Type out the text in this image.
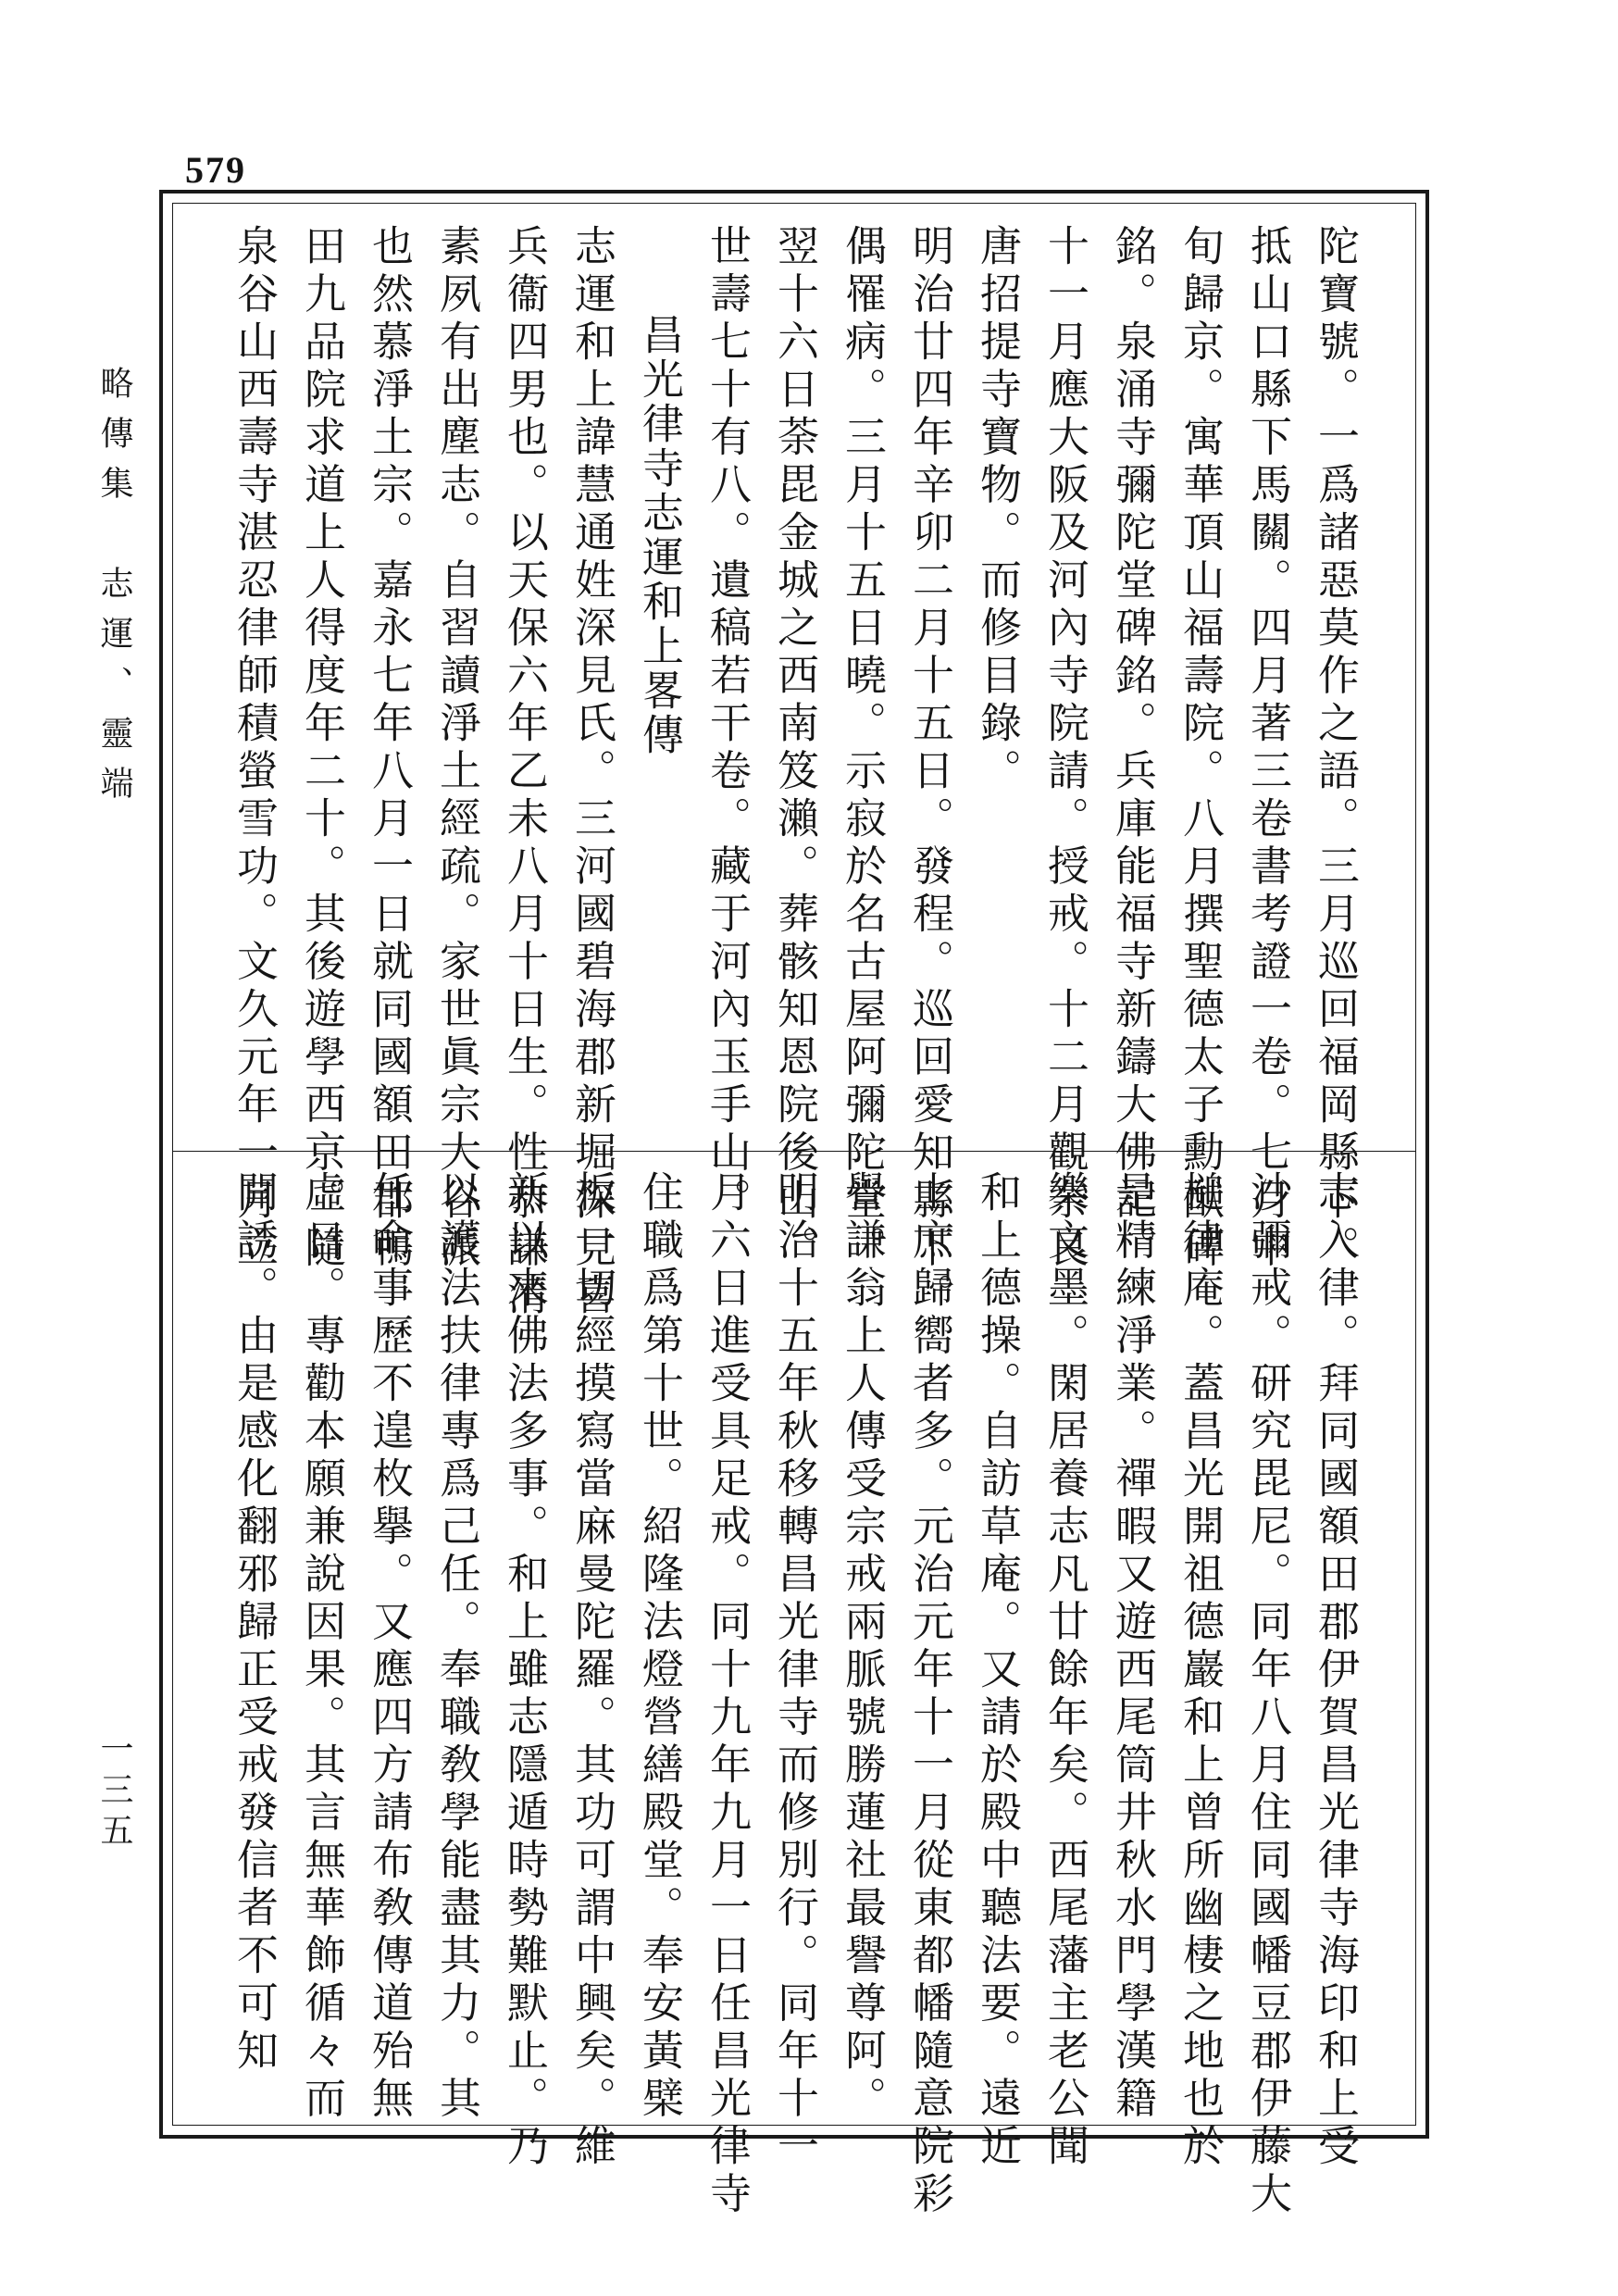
579
略傳集　志運、靈端
一三五
陀寶號。一爲諸惡莫作之語。三月巡回福岡縣下。
抵山口縣下馬關。四月著三卷書考證一卷。七月中
旬歸京。寓華頂山福壽院。八月撰聖德太子勳猷碑
銘。泉涌寺彌陀堂碑銘。兵庫能福寺新鑄大佛記。
十一月應大阪及河內寺院請。授戒。十二月觀奈良
唐招提寺寶物。而修目錄。
明治廿四年辛卯二月十五日。發程。巡回愛知縣下。
偶罹病。三月十五日曉。示寂於名古屋阿彌陀堂。
翌十六日荼毘金城之西南笈瀨。葬骸知恩院後山。
世壽七十有八。遺稿若干卷。藏于河內玉手山。
昌光律寺志運和上畧傳
志運和上諱慧通姓深見氏。三河國碧海郡新堀深見喜
兵衞四男也。以天保六年乙未八月十日生。性恭謙清
素夙有出塵志。自習讀淨土經疏。家世眞宗大谷派
也然慕淨土宗。嘉永七年八月一日就同國額田郡鴨
田九品院求道上人得度年二十。其後遊學西京。隨
泉谷山西壽寺湛忍律師積螢雪功。文久元年一月立
志入律。拜同國額田郡伊賀昌光律寺海印和上受
沙彌戒。研究毘尼。同年八月住同國幡豆郡伊藤大
槌律庵。蓋昌光開祖德巖和上曾所幽棲之地也於
是精練淨業。禪暇又遊西尾筒井秋水門學漢籍
樂文墨。閑居養志凡廿餘年矣。西尾藩主老公聞
和上德操。自訪草庵。又請於殿中聽法要。遠近
士庶歸嚮者多。元治元年十一月從東都幡隨意院彩
譽謙翁上人傳受宗戒兩脈號勝蓮社最譽尊阿。
明治十五年秋移轉昌光律寺而修別行。同年十一
月六日進受具足戒。同十九年九月一日任昌光律寺
住職爲第十世。紹隆法燈營繕殿堂。奉安黃檗
板一切經摸寫當麻曼陀羅。其功可謂中興矣。維
新以來佛法多事。和上雖志隱遁時勢難默止。乃
以護法扶律專爲己任。奉職敎學能盡其力。其
任命事歷不遑枚擧。又應四方請布敎傳道殆無
虛日。專勸本願兼說因果。其言無華飾循々而
開誘。由是感化翻邪歸正受戒發信者不可知
